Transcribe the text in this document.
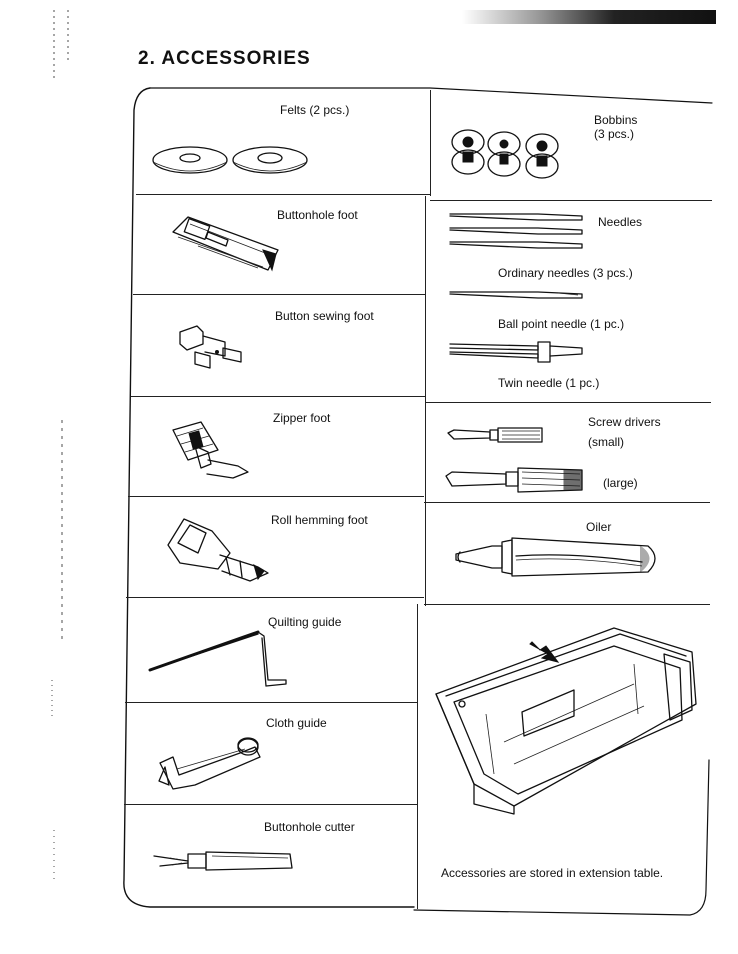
2. ACCESSORIES
Felts (2 pcs.)
Buttonhole foot
Button sewing foot
Zipper foot
Roll hemming foot
Quilting guide
Cloth guide
Buttonhole cutter
Bobbins
(3 pcs.)
Needles
Ordinary needles (3 pcs.)
Ball point needle (1 pc.)
Twin needle (1 pc.)
Screw drivers
(small)
(large)
Oiler
Accessories are stored in extension table.
